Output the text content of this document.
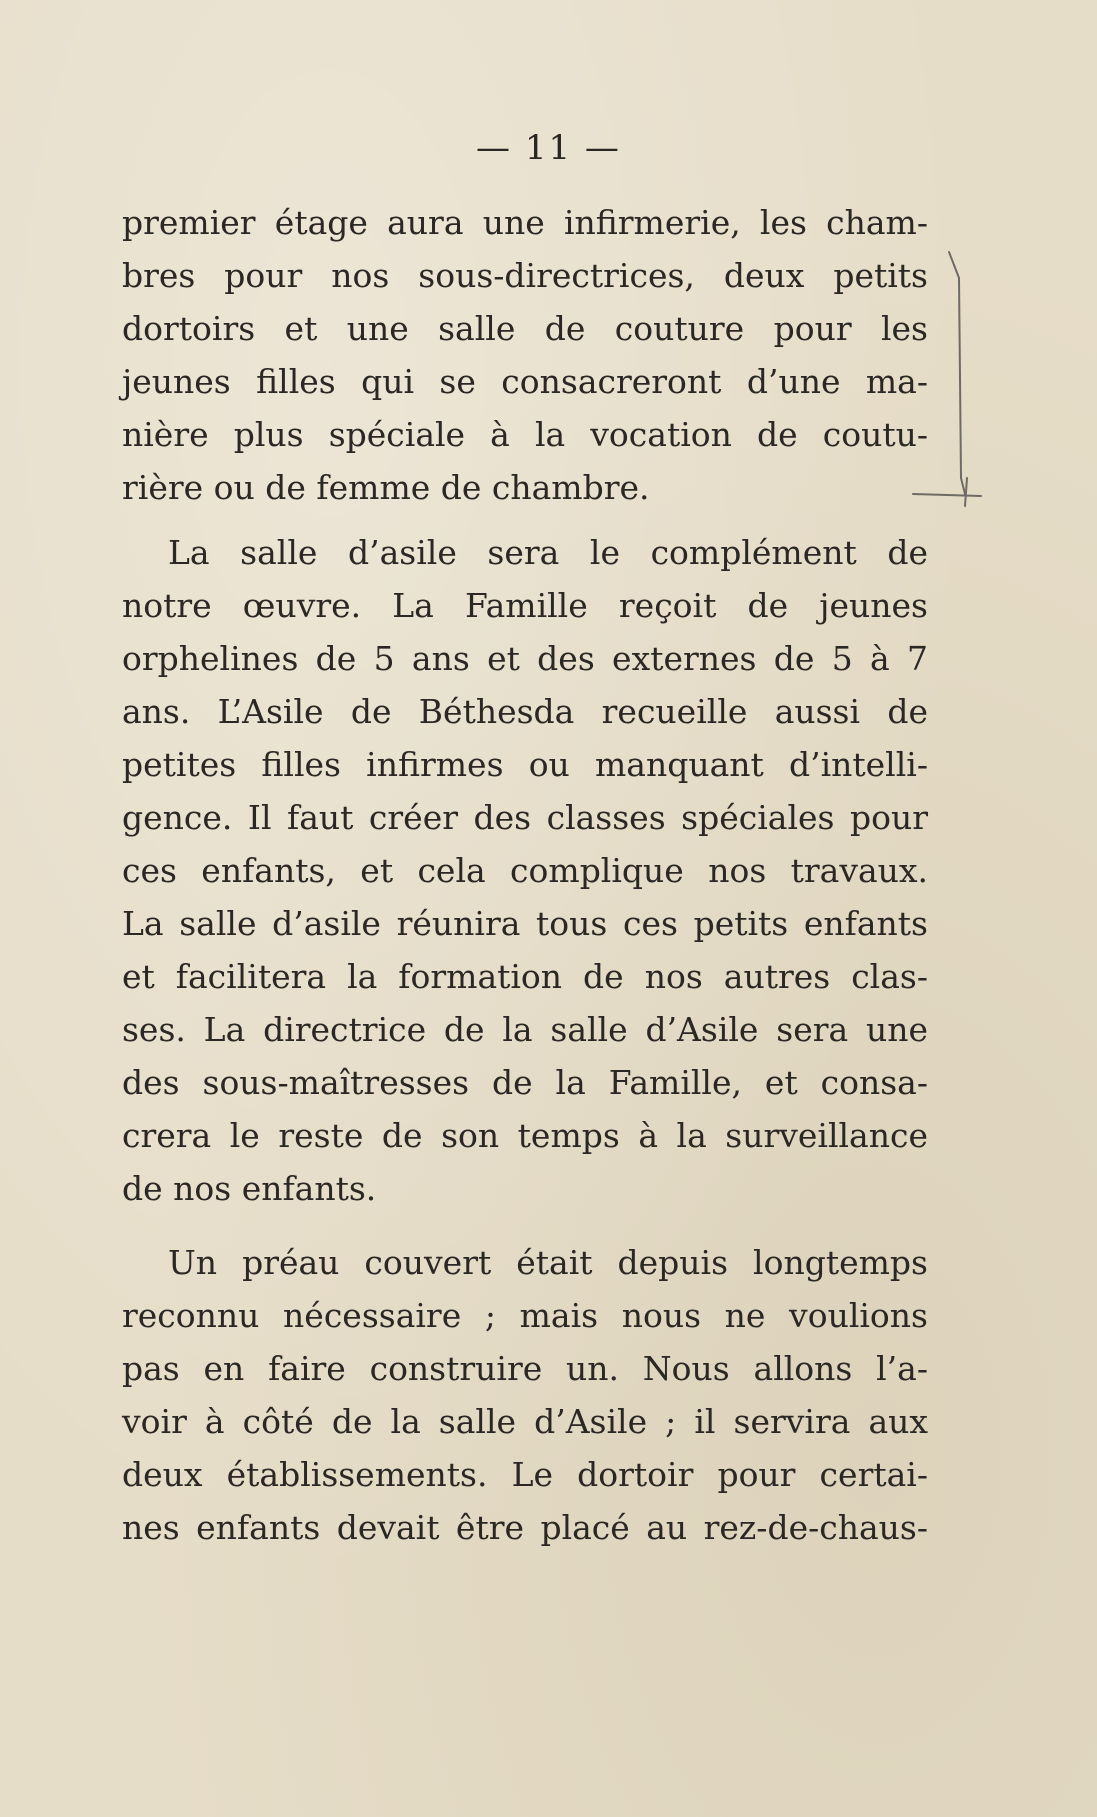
— 11 —

premier étage aura une infirmerie, les cham-
bres pour nos sous-directrices, deux petits
dortoirs et une salle de couture pour les
jeunes filles qui se consacreront d’une ma-
nière plus spéciale à la vocation de coutu-
rière ou de femme de chambre.

La salle d’asile sera le complément de
notre œuvre. La Famille reçoit de jeunes
orphelines de 5 ans et des externes de 5 à 7
ans. L’Asile de Béthesda recueille aussi de
petites filles infirmes ou manquant d’intelli-
gence. Il faut créer des classes spéciales pour
ces enfants, et cela complique nos travaux.
La salle d’asile réunira tous ces petits enfants
et facilitera la formation de nos autres clas-
ses. La directrice de la salle d’Asile sera une
des sous-maîtresses de la Famille, et consa-
crera le reste de son temps à la surveillance
de nos enfants.

Un préau couvert était depuis longtemps
reconnu nécessaire ; mais nous ne voulions
pas en faire construire un. Nous allons l’a-
voir à côté de la salle d’Asile ; il servira aux
deux établissements. Le dortoir pour certai-
nes enfants devait être placé au rez-de-chaus-
